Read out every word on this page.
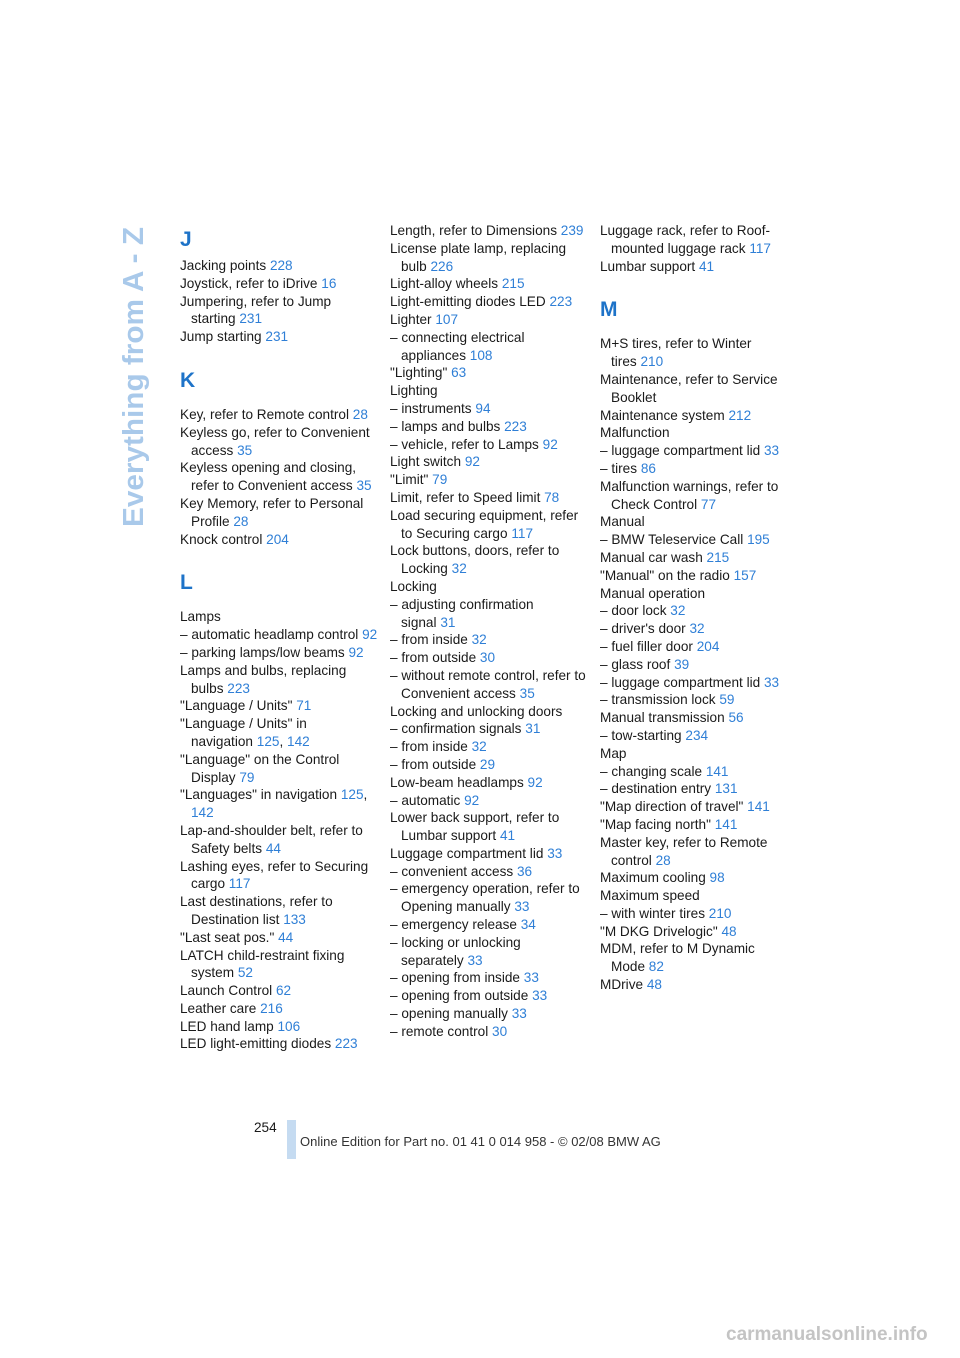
Everything from A - Z J
Jacking points 228
Joystick, refer to iDrive 16
Jumpering, refer to Jump starting 231
Jump starting 231
K
Key, refer to Remote control 28
Keyless go, refer to Convenient access 35
Keyless opening and closing, refer to Convenient access 35
Key Memory, refer to Personal Profile 28
Knock control 204
L
Lamps
– automatic headlamp control 92
– parking lamps/low beams 92
Lamps and bulbs, replacing bulbs 223
"Language / Units" 71
"Language / Units" in navigation 125, 142
"Language" on the Control Display 79
"Languages" in navigation 125, 142
Lap-and-shoulder belt, refer to Safety belts 44
Lashing eyes, refer to Securing cargo 117
Last destinations, refer to Destination list 133
"Last seat pos." 44
LATCH child-restraint fixing system 52
Launch Control 62
Leather care 216
LED hand lamp 106
LED light-emitting diodes 223
Length, refer to Dimensions 239
License plate lamp, replacing bulb 226
Light-alloy wheels 215
Light-emitting diodes LED 223
Lighter 107
– connecting electrical appliances 108
"Lighting" 63
Lighting
– instruments 94
– lamps and bulbs 223
– vehicle, refer to Lamps 92
Light switch 92
"Limit" 79
Limit, refer to Speed limit 78
Load securing equipment, refer to Securing cargo 117
Lock buttons, doors, refer to Locking 32
Locking
– adjusting confirmation signal 31
– from inside 32
– from outside 30
– without remote control, refer to Convenient access 35
Locking and unlocking doors
– confirmation signals 31
– from inside 32
– from outside 29
Low-beam headlamps 92
– automatic 92
Lower back support, refer to Lumbar support 41
Luggage compartment lid 33
– convenient access 36
– emergency operation, refer to Opening manually 33
– emergency release 34
– locking or unlocking separately 33
– opening from inside 33
– opening from outside 33
– opening manually 33
– remote control 30
Luggage rack, refer to Roof-mounted luggage rack 117
Lumbar support 41
M
M+S tires, refer to Winter tires 210
Maintenance, refer to Service Booklet
Maintenance system 212
Malfunction
– luggage compartment lid 33
– tires 86
Malfunction warnings, refer to Check Control 77
Manual
– BMW Teleservice Call 195
Manual car wash 215
"Manual" on the radio 157
Manual operation
– door lock 32
– driver's door 32
– fuel filler door 204
– glass roof 39
– luggage compartment lid 33
– transmission lock 59
Manual transmission 56
– tow-starting 234
Map
– changing scale 141
– destination entry 131
"Map direction of travel" 141
"Map facing north" 141
Master key, refer to Remote control 28
Maximum cooling 98
Maximum speed
– with winter tires 210
"M DKG Drivelogic" 48
MDM, refer to M Dynamic Mode 82
MDrive 48
254
Online Edition for Part no. 01 41 0 014 958 - © 02/08 BMW AG
carmanualsonline.info
